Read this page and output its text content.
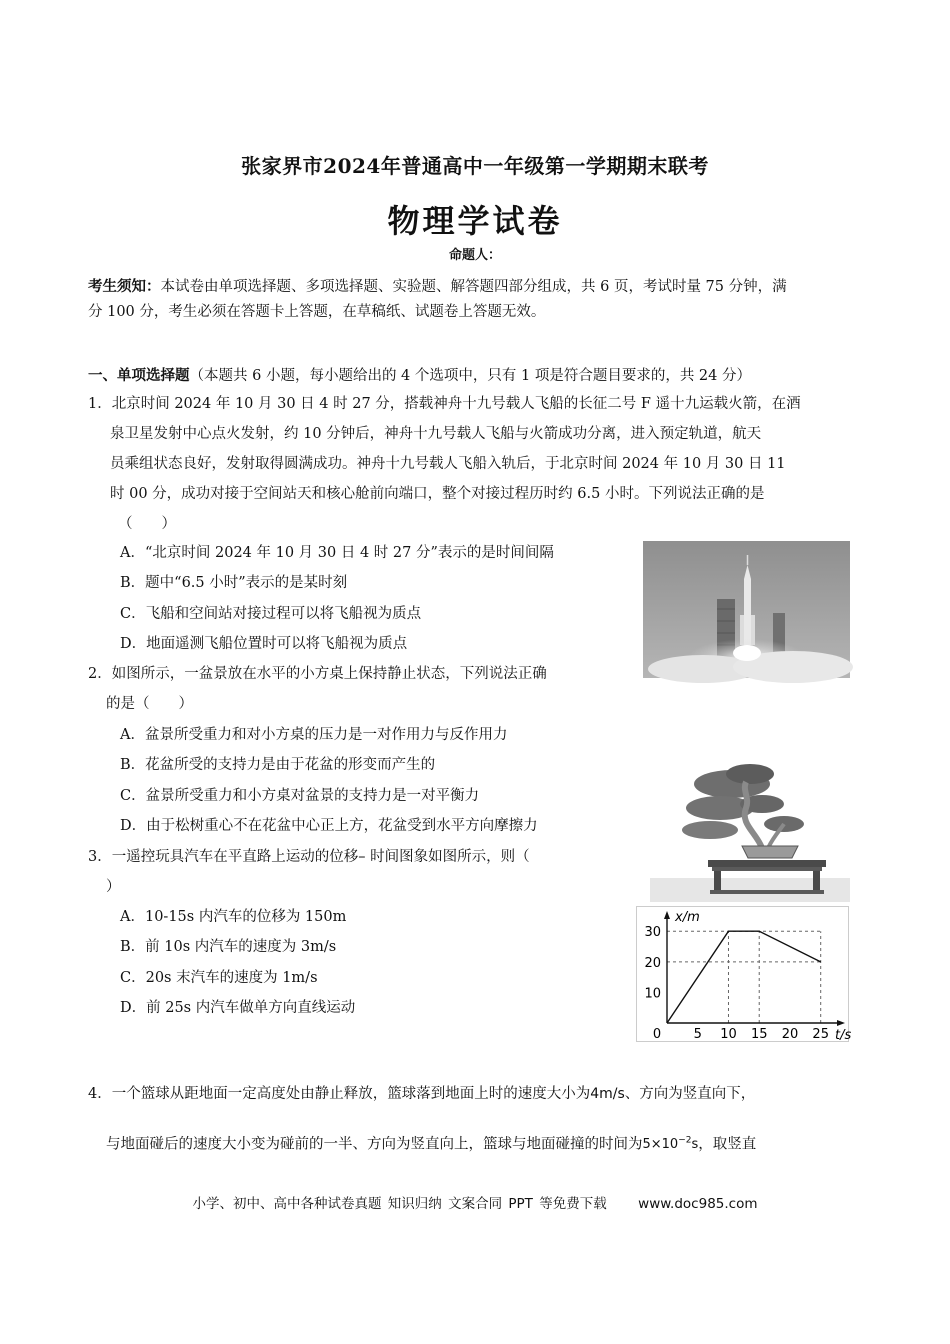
张家界市2024年普通高中一年级第一学期期末联考
物理学试卷
命题人：
考生须知：本试卷由单项选择题、多项选择题、实验题、解答题四部分组成，共 6 页，考试时量 75 分钟，满
分 100 分，考生必须在答题卡上答题，在草稿纸、试题卷上答题无效。
一、单项选择题（本题共 6 小题，每小题给出的 4 个选项中，只有 1 项是符合题目要求的，共 24 分）
1．北京时间 2024 年 10 月 30 日 4 时 27 分，搭载神舟十九号载人飞船的长征二号 F 遥十九运载火箭，在酒
泉卫星发射中心点火发射，约 10 分钟后，神舟十九号载人飞船与火箭成功分离，进入预定轨道，航天
员乘组状态良好，发射取得圆满成功。神舟十九号载人飞船入轨后，于北京时间 2024 年 10 月 30 日 11
时 00 分，成功对接于空间站天和核心舱前向端口，整个对接过程历时约 6.5 小时。下列说法正确的是
（　　）
A．“北京时间 2024 年 10 月 30 日 4 时 27 分”表示的是时间间隔
B．题中“6.5 小时”表示的是某时刻
C．飞船和空间站对接过程可以将飞船视为质点
D．地面遥测飞船位置时可以将飞船视为质点
2．如图所示，一盆景放在水平的小方桌上保持静止状态，下列说法正确
的是（　　）
A．盆景所受重力和对小方桌的压力是一对作用力与反作用力
B．花盆所受的支持力是由于花盆的形变而产生的
C．盆景所受重力和小方桌对盆景的支持力是一对平衡力
D．由于松树重心不在花盆中心正上方，花盆受到水平方向摩擦力
3．一遥控玩具汽车在平直路上运动的位移– 时间图象如图所示，则（
）
A．10-15s 内汽车的位移为 150m
B．前 10s 内汽车的速度为 3m/s
C．20s 末汽车的速度为 1m/s
D．前 25s 内汽车做单方向直线运动
0 5 10 15 20 25
10
20
30
t/s
x/m
4．一个篮球从距地面一定高度处由静止释放，篮球落到地面上时的速度大小为4m/s、方向为竖直向下，
与地面碰后的速度大小变为碰前的一半、方向为竖直向上，篮球与地面碰撞的时间为$5\times 10^{-2}s$，取竖直
小学、初中、高中各种试卷真题 知识归纳 文案合同 PPT 等免费下载 www.doc985.com
